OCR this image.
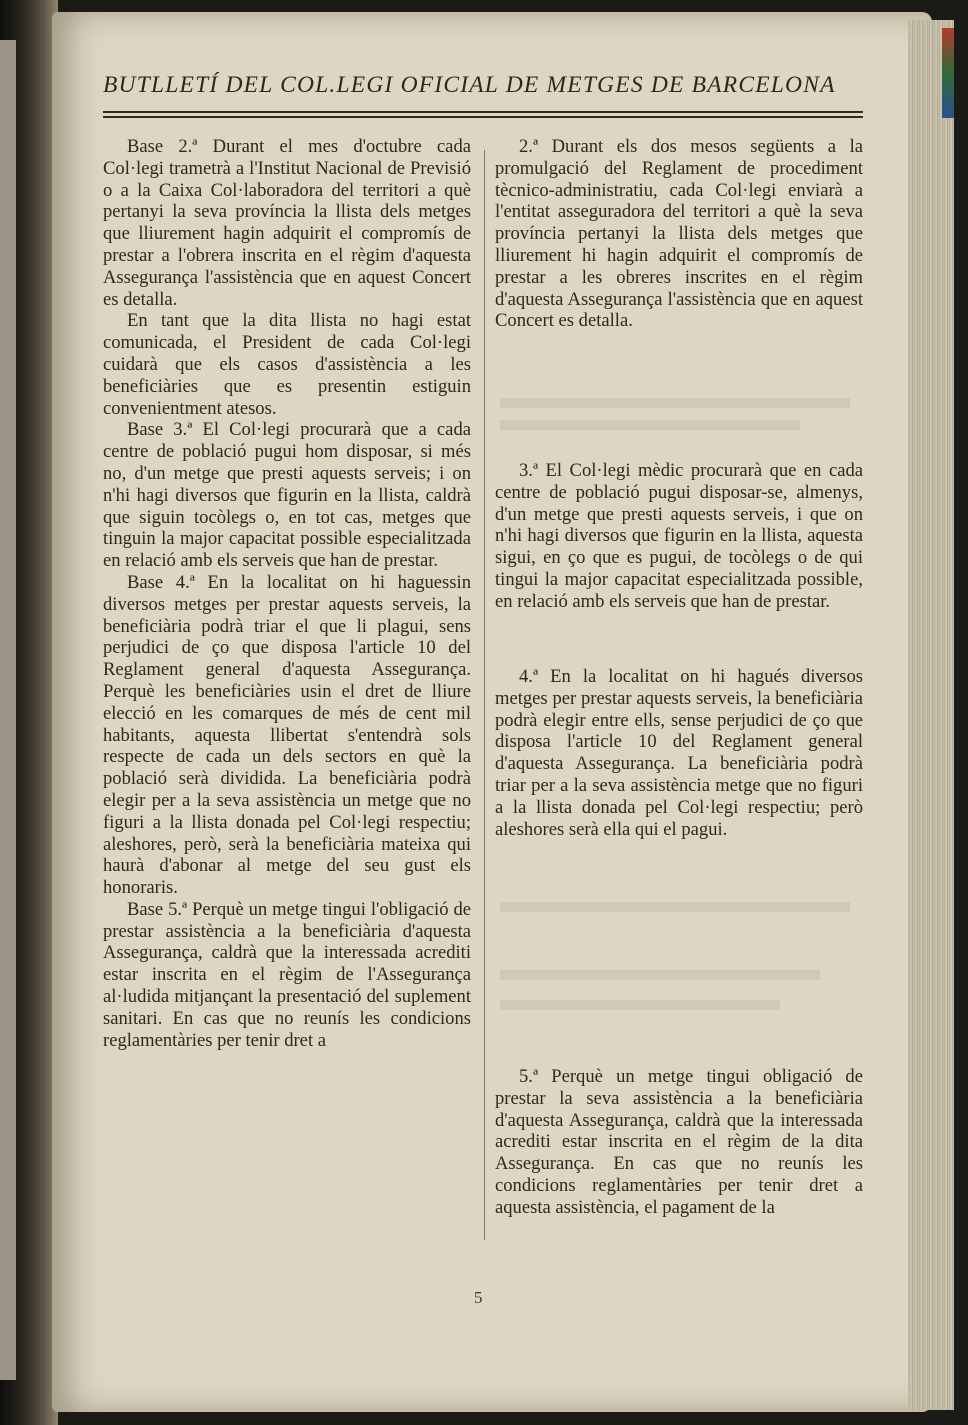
BUTLLETÍ DEL COL.LEGI OFICIAL DE METGES DE BARCELONA

Base 2.ª Durant el mes d'octubre cada Col·legi trametrà a l'Institut Nacional de Previsió o a la Caixa Col·laboradora del territori a què pertanyi la seva província la llista dels metges que lliurement hagin adquirit el compromís de prestar a l'obrera inscrita en el règim d'aquesta Assegurança l'assistència que en aquest Concert es detalla.

En tant que la dita llista no hagi estat comunicada, el President de cada Col·legi cuidarà que els casos d'assistència a les beneficiàries que es presentin estiguin convenientment atesos.

Base 3.ª El Col·legi procurarà que a cada centre de població pugui hom disposar, si més no, d'un metge que presti aquests serveis; i on n'hi hagi diversos que figurin en la llista, caldrà que siguin tocòlegs o, en tot cas, metges que tinguin la major capacitat possible especialitzada en relació amb els serveis que han de prestar.

Base 4.ª En la localitat on hi haguessin diversos metges per prestar aquests serveis, la beneficiària podrà triar el que li plagui, sens perjudici de ço que disposa l'article 10 del Reglament general d'aquesta Assegurança. Perquè les beneficiàries usin el dret de lliure elecció en les comarques de més de cent mil habitants, aquesta llibertat s'entendrà sols respecte de cada un dels sectors en què la població serà dividida. La beneficiària podrà elegir per a la seva assistència un metge que no figuri a la llista donada pel Col·legi respectiu; aleshores, però, serà la beneficiària mateixa qui haurà d'abonar al metge del seu gust els honoraris.

Base 5.ª Perquè un metge tingui l'obligació de prestar assistència a la beneficiària d'aquesta Assegurança, caldrà que la interessada acrediti estar inscrita en el règim de l'Assegurança al·ludida mitjançant la presentació del suplement sanitari. En cas que no reunís les condicions reglamentàries per tenir dret a

2.ª Durant els dos mesos següents a la promulgació del Reglament de procediment tècnico-administratiu, cada Col·legi enviarà a l'entitat asseguradora del territori a què la seva província pertanyi la llista dels metges que lliurement hi hagin adquirit el compromís de prestar a les obreres inscrites en el règim d'aquesta Assegurança l'assistència que en aquest Concert es detalla.

3.ª El Col·legi mèdic procurarà que en cada centre de població pugui disposar-se, almenys, d'un metge que presti aquests serveis, i que on n'hi hagi diversos que figurin en la llista, aquesta sigui, en ço que es pugui, de tocòlegs o de qui tingui la major capacitat especialitzada possible, en relació amb els serveis que han de prestar.

4.ª En la localitat on hi hagués diversos metges per prestar aquests serveis, la beneficiària podrà elegir entre ells, sense perjudici de ço que disposa l'article 10 del Reglament general d'aquesta Assegurança. La beneficiària podrà triar per a la seva assistència metge que no figuri a la llista donada pel Col·legi respectiu; però aleshores serà ella qui el pagui.

5.ª Perquè un metge tingui obligació de prestar la seva assistència a la beneficiària d'aquesta Assegurança, caldrà que la interessada acrediti estar inscrita en el règim de la dita Assegurança. En cas que no reunís les condicions reglamentàries per tenir dret a aquesta assistència, el pagament de la

5
